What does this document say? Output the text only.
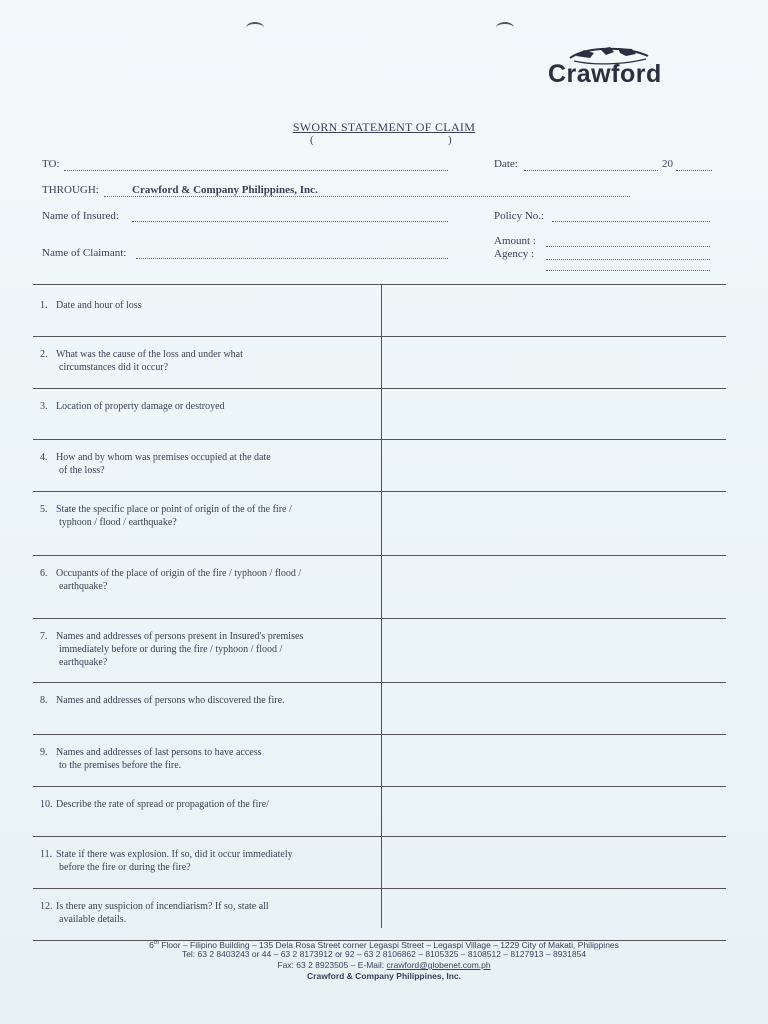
Crawford
SWORN STATEMENT OF CLAIM
(	)
TO:	Date:	20
THROUGH:	Crawford & Company Philippines, Inc.
Name of Insured:	Policy No.:
Amount :
Name of Claimant:	Agency :
1. Date and hour of loss
2. What was the cause of the loss and under what
circumstances did it occur?
3. Location of property damage or destroyed
4. How and by whom was premises occupied at the date
of the loss?
5. State the specific place or point of origin of the of the fire /
typhoon / flood / earthquake?
6. Occupants of the place of origin of the fire / typhoon / flood /
earthquake?
7. Names and addresses of persons present in Insured's premises
immediately before or during the fire / typhoon / flood /
earthquake?
8. Names and addresses of persons who discovered the fire.
9. Names and addresses of last persons to have access
to the premises before the fire.
10. Describe the rate of spread or propagation of the fire/
11. State if there was explosion. If so, did it occur immediately
before the fire or during the fire?
12. Is there any suspicion of incendiarism? If so, state all
available details.
6th Floor – Filipino Building – 135 Dela Rosa Street corner Legaspi Street – Legaspi Village – 1229 City of Makati, Philippines
Tel: 63 2 8403243 or 44 – 63 2 8173912 or 92 – 63 2 8106862 – 8105325 – 8108512 – 8127913 – 8931854
Fax: 63 2 8923505 – E-Mail: crawford@globenet.com.ph
Crawford & Company Philippines, Inc.
